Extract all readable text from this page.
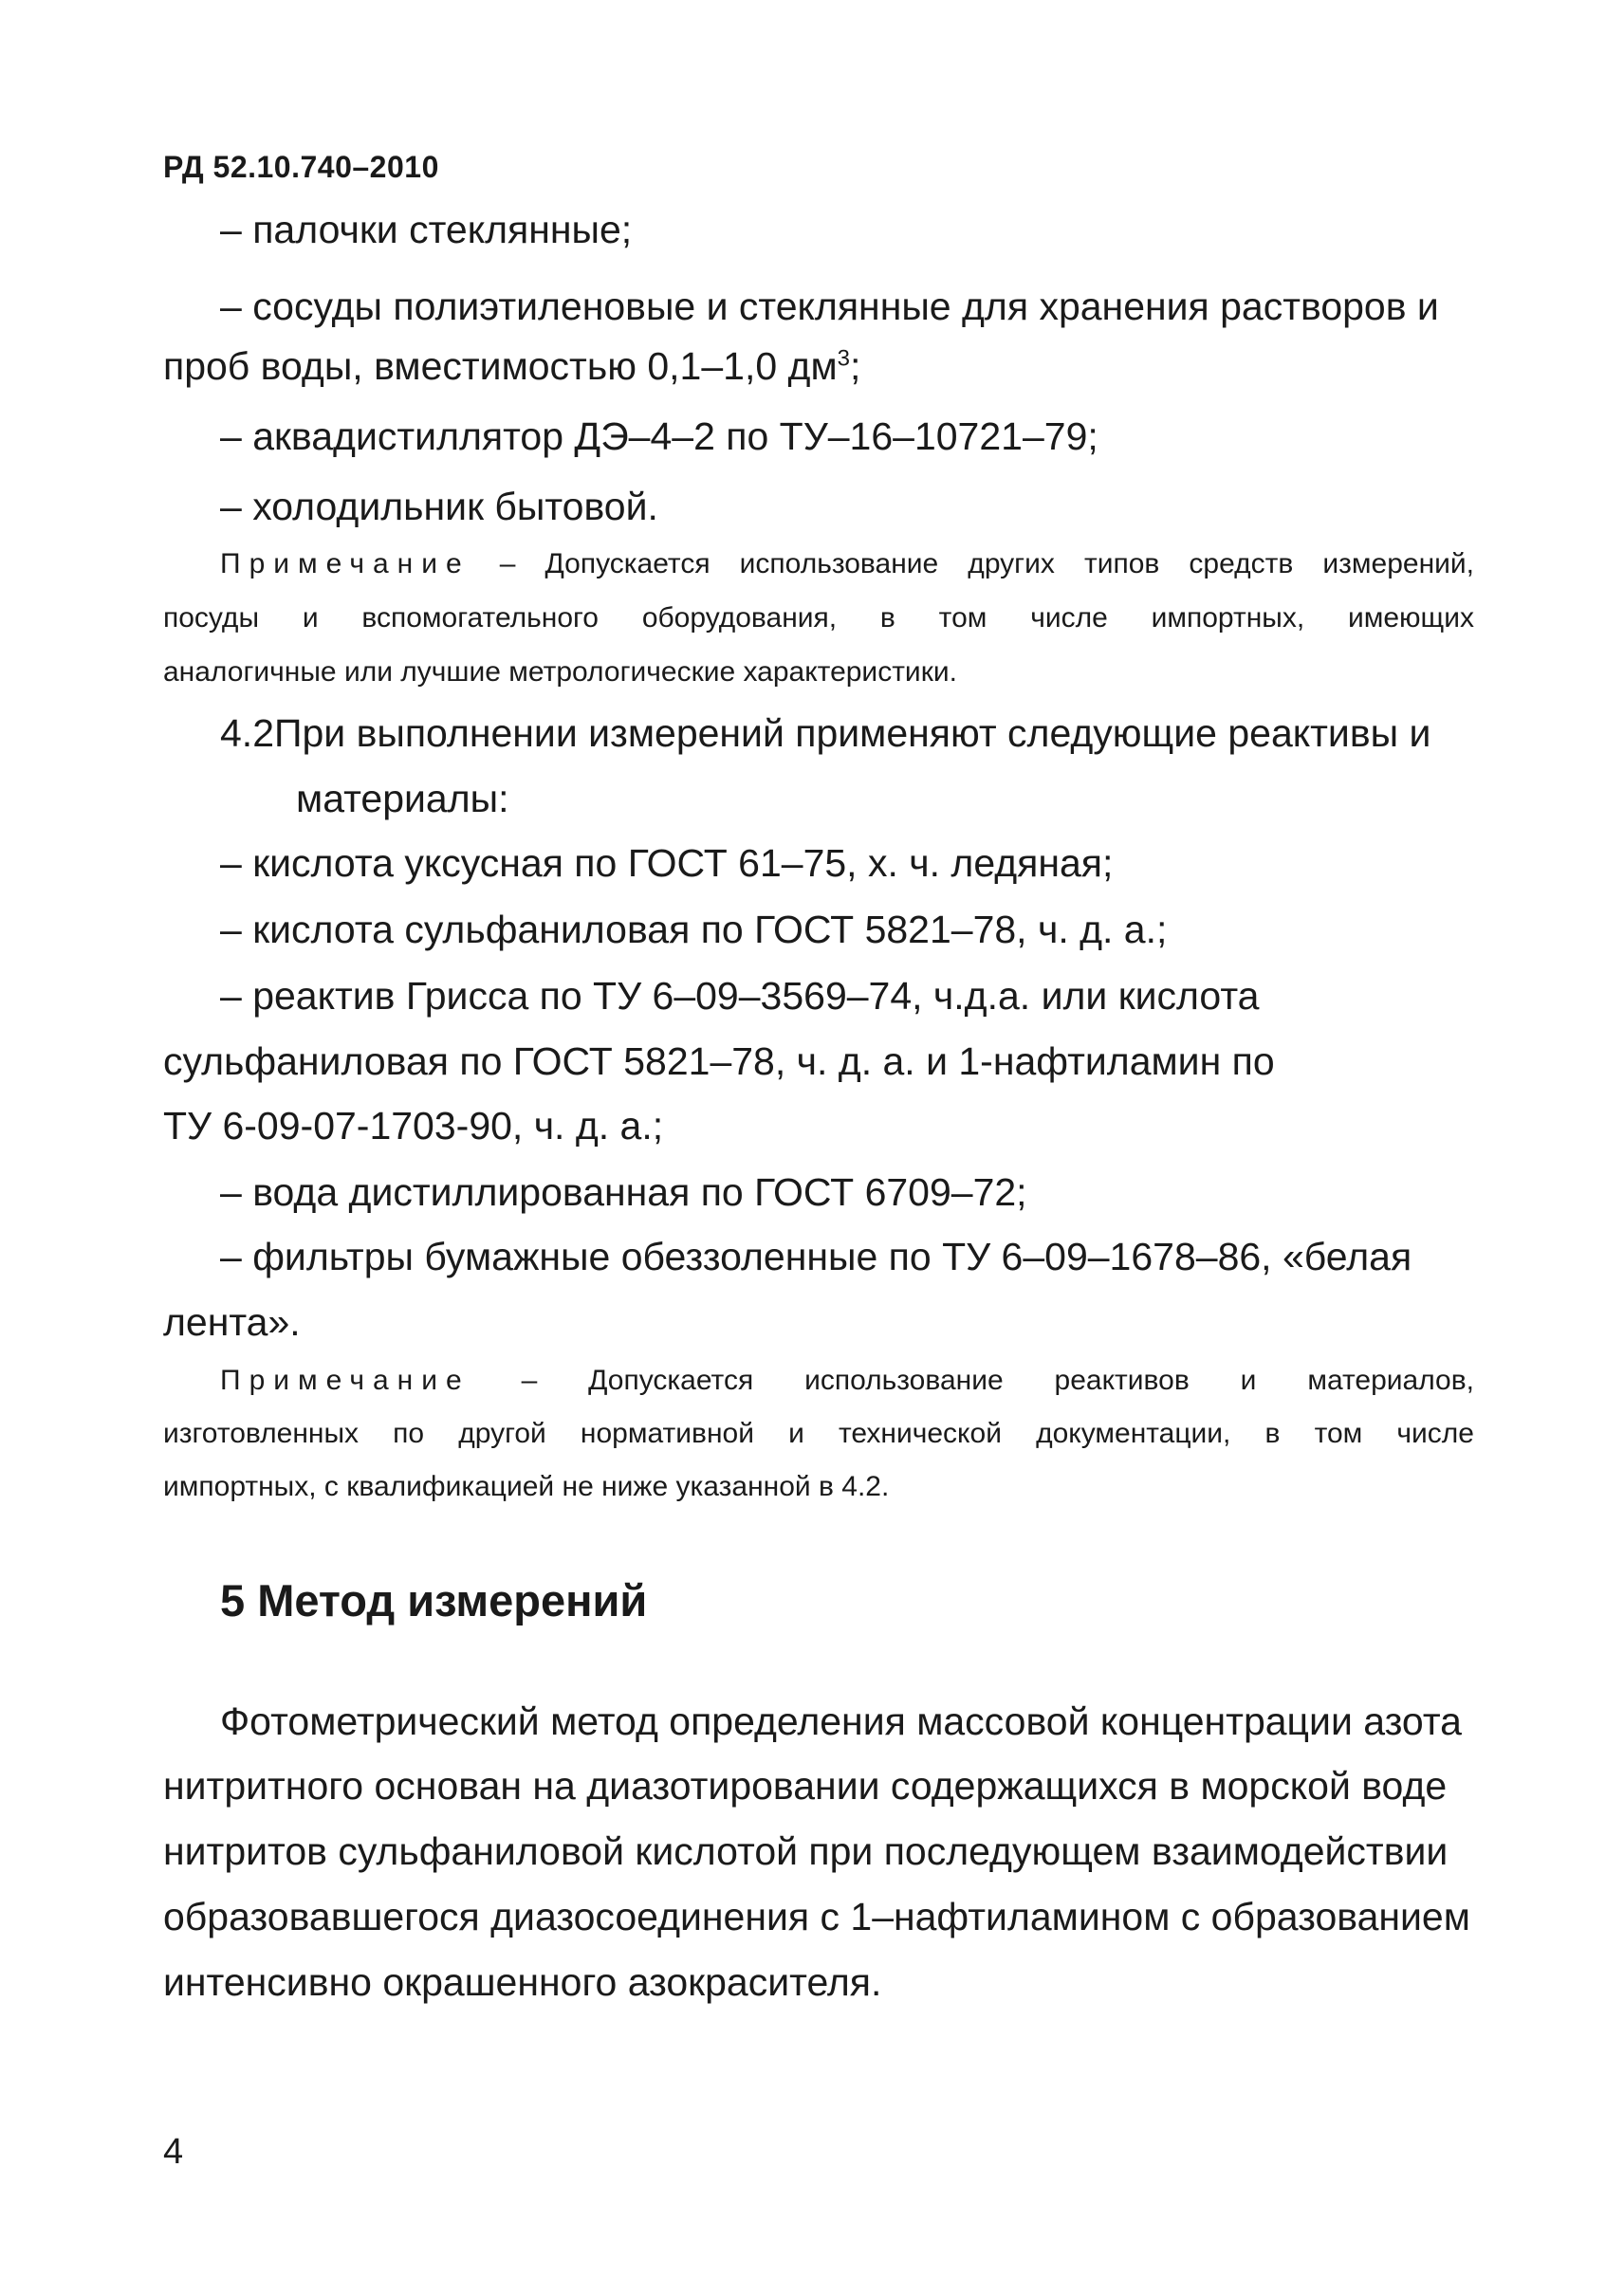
РД 52.10.740–2010
– палочки стеклянные;
– сосуды полиэтиленовые и стеклянные для хранения растворов и
проб воды, вместимостью 0,1–1,0 $дм^3$;
– аквадистиллятор ДЭ–4–2 по ТУ–16–10721–79;
– холодильник бытовой.
Примечание – Допускается использование других типов средств измерений,
посуды и вспомогательного оборудования, в том числе импортных, имеющих
аналогичные или лучшие метрологические характеристики.
4.2При выполнении измерений применяют следующие реактивы и
материалы:
– кислота уксусная по ГОСТ 61–75, х. ч. ледяная;
– кислота сульфаниловая по ГОСТ 5821–78, ч. д. а.;
– реактив Грисса по ТУ 6–09–3569–74, ч.д.а. или кислота
сульфаниловая по ГОСТ 5821–78, ч. д. а. и 1-нафтиламин по
ТУ 6-09-07-1703-90, ч. д. а.;
– вода дистиллированная по ГОСТ 6709–72;
– фильтры бумажные обеззоленные по ТУ 6–09–1678–86, «белая
лента».
Примечание – Допускается использование реактивов и материалов,
изготовленных по другой нормативной и технической документации, в том числе
импортных, с квалификацией не ниже указанной в 4.2.
5 Метод измерений
Фотометрический метод определения массовой концентрации азота
нитритного основан на диазотировании содержащихся в морской воде
нитритов сульфаниловой кислотой при последующем взаимодействии
образовавшегося диазосоединения с 1–нафтиламином с образованием
интенсивно окрашенного азокрасителя.
4
